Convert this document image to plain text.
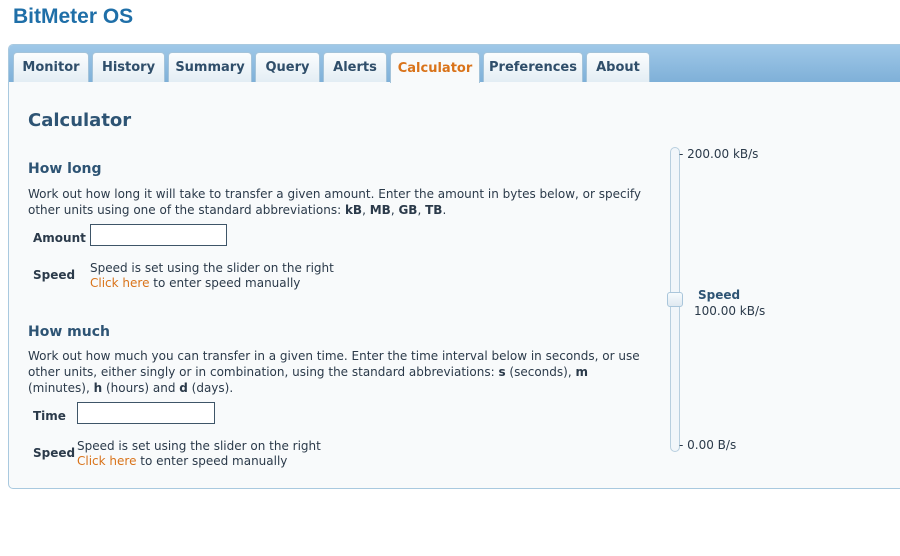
BitMeter OS
Monitor	History	Summary	Query	Alerts	Calculator	Preferences	About
Calculator
How long

Work out how long it will take to transfer a given amount. Enter the amount in bytes below, or specify other units using one of the standard abbreviations: kB, MB, GB, TB.

Amount
Speed Speed is set using the slider on the right
Click here to enter speed manually
How much

Work out how much you can transfer in a given time. Enter the time interval below in seconds, or use other units, either singly or in combination, using the standard abbreviations: s (seconds), m (minutes), h (hours) and d (days).

Time
Speed Speed is set using the slider on the right
Click here to enter speed manually
- 200.00 kB/s
- 0.00 B/s
Speed
100.00 kB/s
